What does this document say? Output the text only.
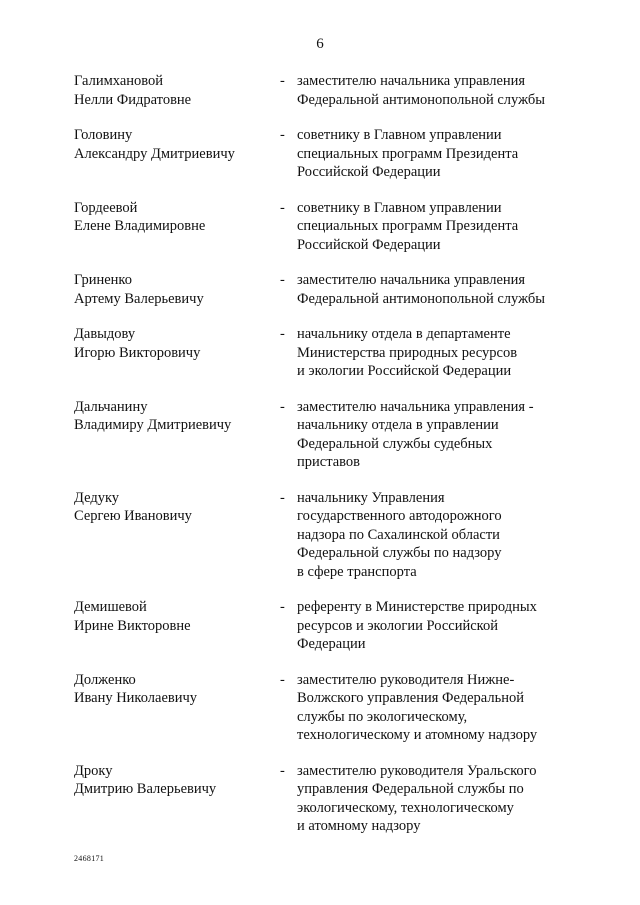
6
Галимхановой
Нелли Фидратовне
- заместителю начальника управления
Федеральной антимонопольной службы
Головину
Александру Дмитриевичу
- советнику в Главном управлении
специальных программ Президента
Российской Федерации
Гордеевой
Елене Владимировне
- советнику в Главном управлении
специальных программ Президента
Российской Федерации
Гриненко
Артему Валерьевичу
- заместителю начальника управления
Федеральной антимонопольной службы
Давыдову
Игорю Викторовичу
- начальнику отдела в департаменте
Министерства природных ресурсов
и экологии Российской Федерации
Дальчанину
Владимиру Дмитриевичу
- заместителю начальника управления -
начальнику отдела в управлении
Федеральной службы судебных
приставов
Дедуку
Сергею Ивановичу
- начальнику Управления
государственного автодорожного
надзора по Сахалинской области
Федеральной службы по надзору
в сфере транспорта
Демишевой
Ирине Викторовне
- референту в Министерстве природных
ресурсов и экологии Российской
Федерации
Долженко
Ивану Николаевичу
- заместителю руководителя Нижне-
Волжского управления Федеральной
службы по экологическому,
технологическому и атомному надзору
Дроку
Дмитрию Валерьевичу
- заместителю руководителя Уральского
управления Федеральной службы по
экологическому, технологическому
и атомному надзору
2468171
